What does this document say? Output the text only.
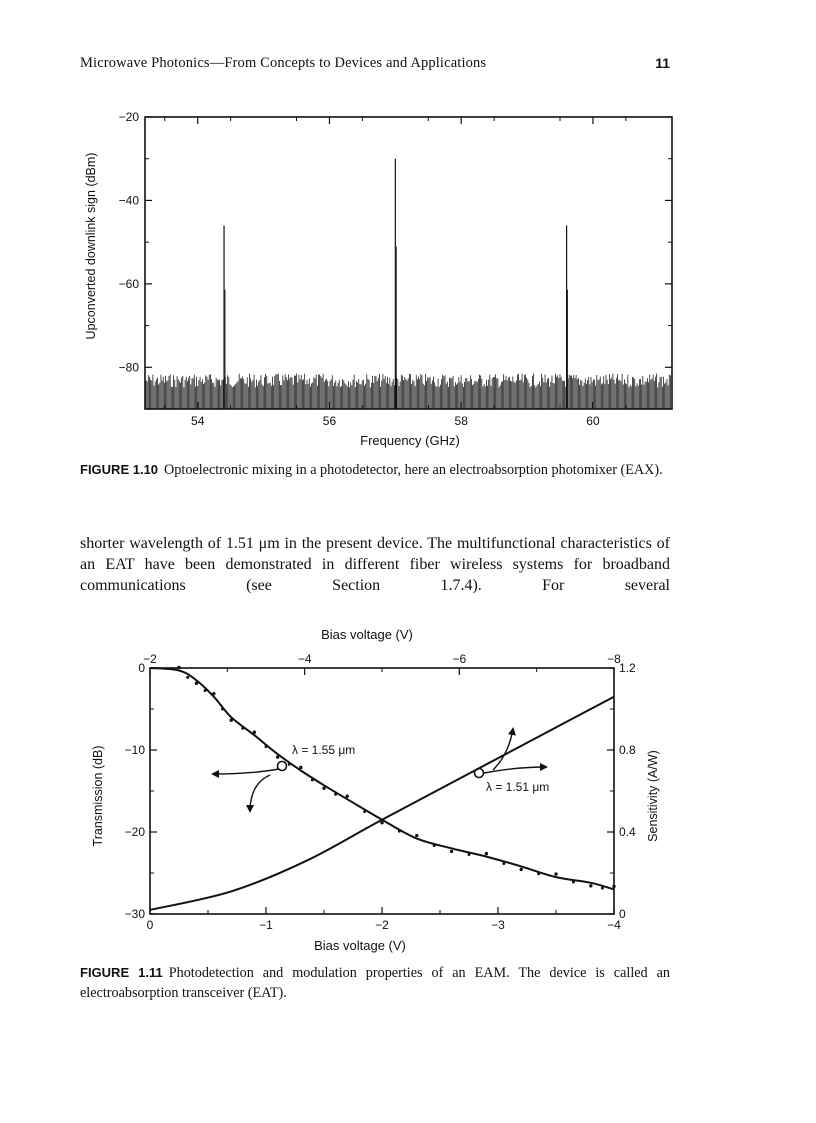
Microwave Photonics—From Concepts to Devices and Applications	11
54	56	58	60
−20
−40
−60
−80
Frequency (GHz)
Upconverted downlink sign (dBm)
FIGURE 1.10 Optoelectronic mixing in a photodetector, here an electroabsorption photomixer (EAX).
shorter wavelength of 1.51 μm in the present device. The multifunctional characteristics of an EAT have been demonstrated in different fiber wireless systems for broadband communications (see Section 1.7.4). For several
0	−1	−2	−3	−4
−2	−4	−6	−8
0
−10
−20
−30
1.2
0.8
0.4
0
λ = 1.55 μm
λ = 1.51 μm
Bias voltage (V)
Bias voltage (V)
Transmission (dB)	Sensitivity (A/W)
FIGURE 1.11 Photodetection and modulation properties of an EAM. The device is called an electroabsorption transceiver (EAT).
